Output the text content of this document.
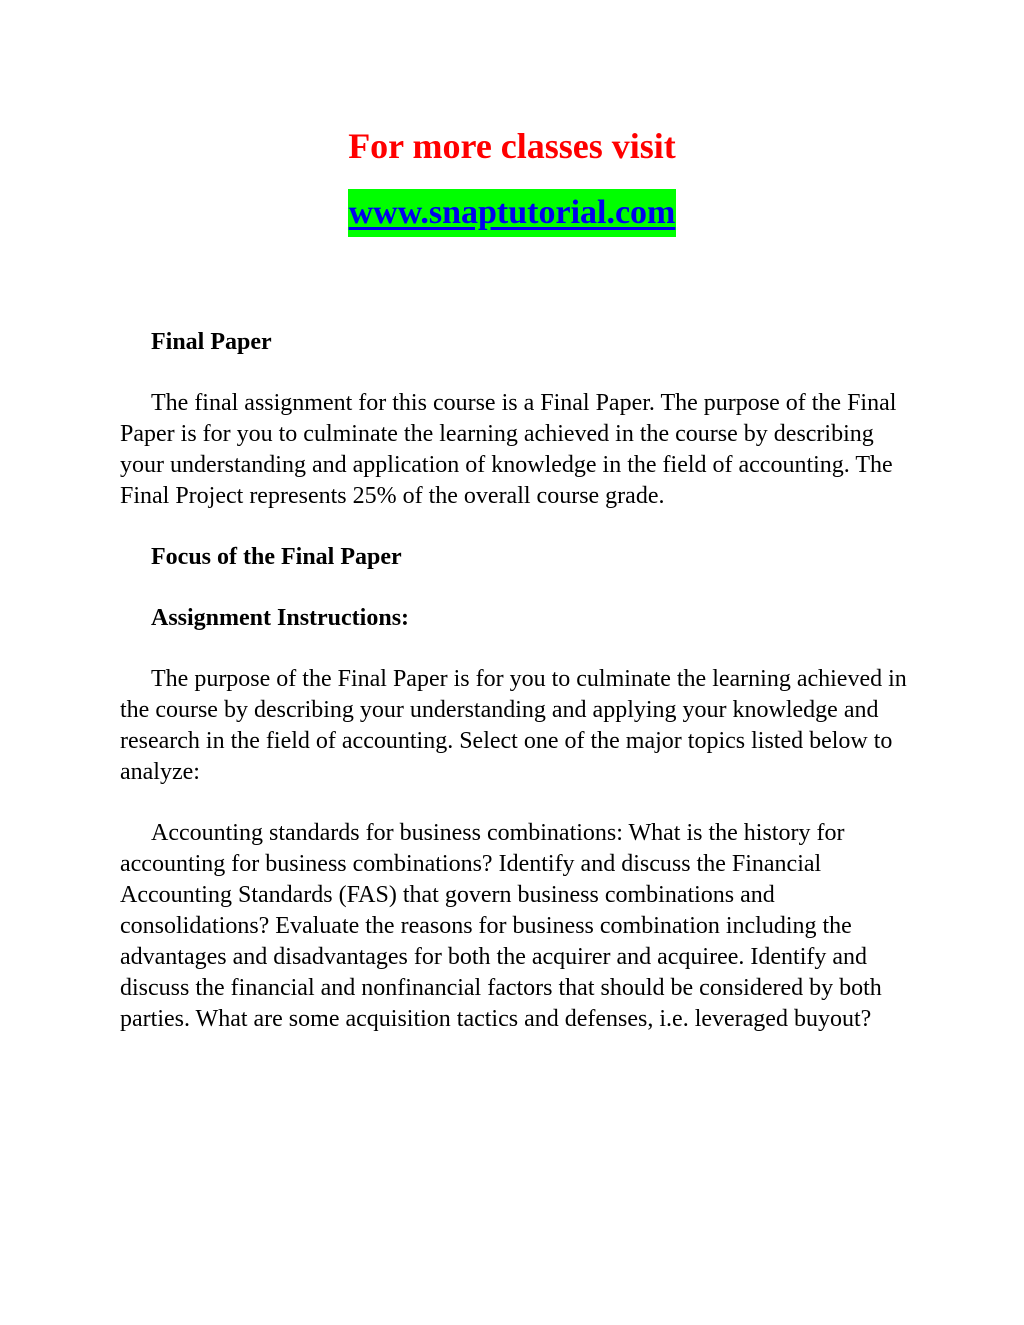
For more classes visit
www.snaptutorial.com

Final Paper

The final assignment for this course is a Final Paper. The purpose of the Final Paper is for you to culminate the learning achieved in the course by describing your understanding and application of knowledge in the field of accounting. The Final Project represents 25% of the overall course grade.

Focus of the Final Paper

Assignment Instructions:

The purpose of the Final Paper is for you to culminate the learning achieved in the course by describing your understanding and applying your knowledge and research in the field of accounting. Select one of the major topics listed below to analyze:

Accounting standards for business combinations: What is the history for accounting for business combinations? Identify and discuss the Financial Accounting Standards (FAS) that govern business combinations and consolidations? Evaluate the reasons for business combination including the advantages and disadvantages for both the acquirer and acquiree. Identify and discuss the financial and nonfinancial factors that should be considered by both parties. What are some acquisition tactics and defenses, i.e. leveraged buyout?
